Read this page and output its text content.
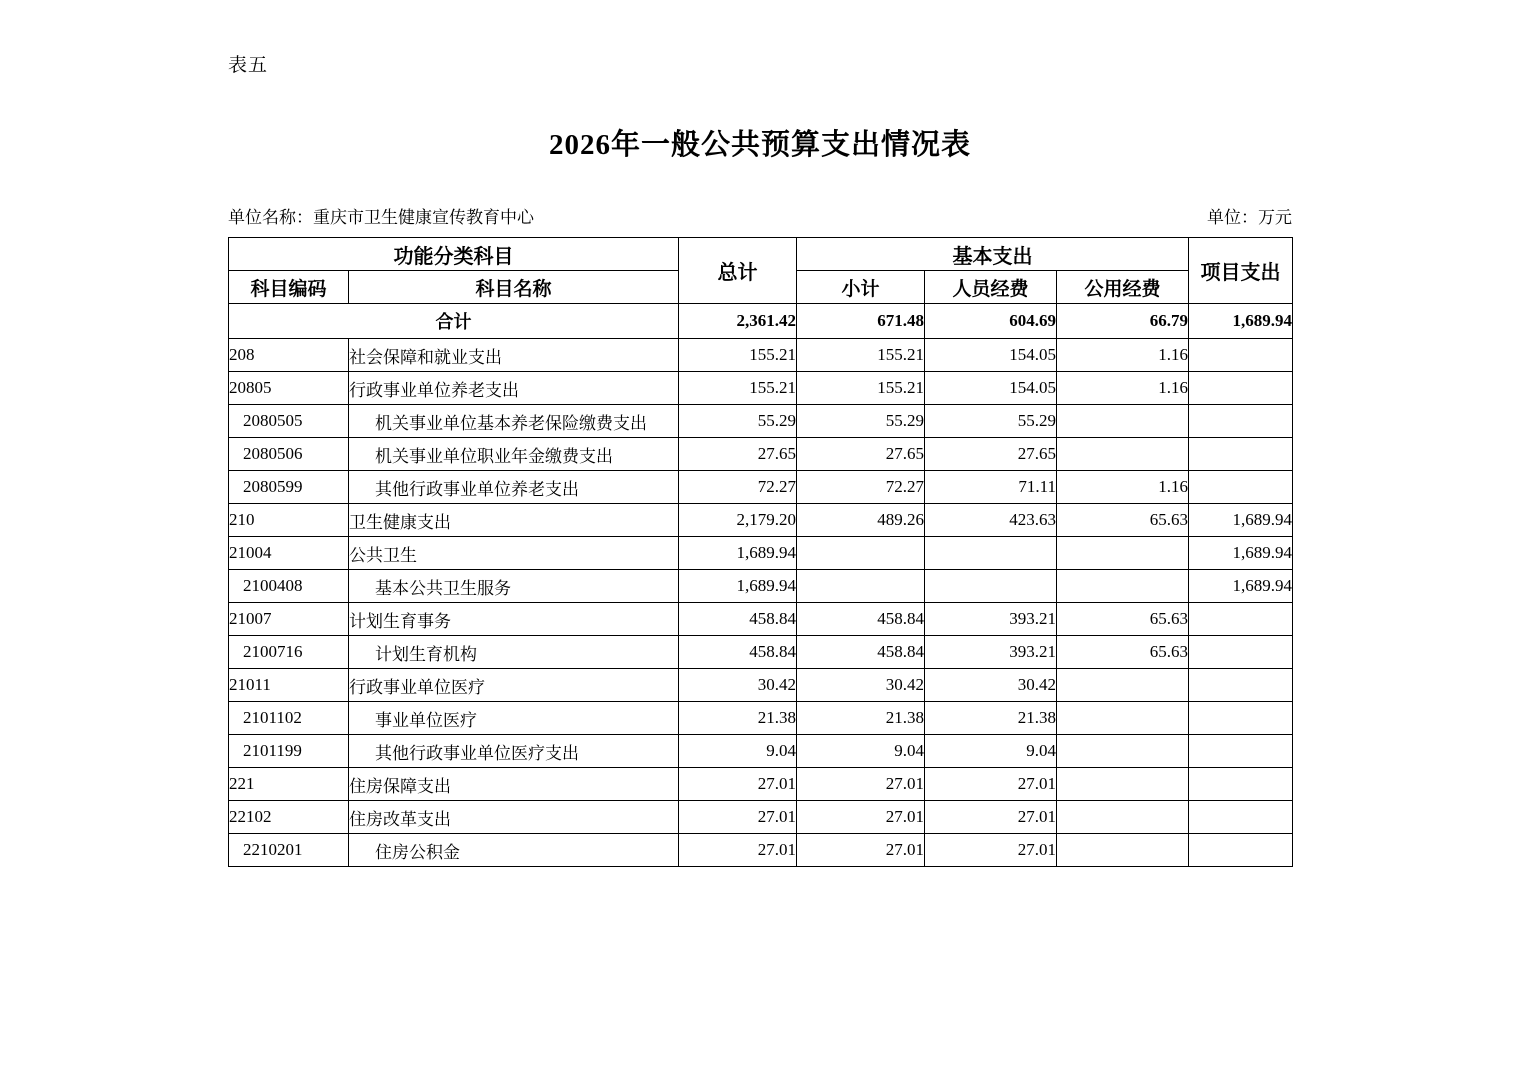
表五
2026年一般公共预算支出情况表
单位名称：重庆市卫生健康宣传教育中心	单位：万元
功能分类科目		总计	基本支出			项目支出
科目编码	科目名称		小计	人员经费	公用经费	
合计		2,361.42	671.48	604.69	66.79	1,689.94
208	社会保障和就业支出	155.21	155.21	154.05	1.16	
20805	行政事业单位养老支出	155.21	155.21	154.05	1.16	
2080505	机关事业单位基本养老保险缴费支出	55.29	55.29	55.29		
2080506	机关事业单位职业年金缴费支出	27.65	27.65	27.65		
2080599	其他行政事业单位养老支出	72.27	72.27	71.11	1.16	
210	卫生健康支出	2,179.20	489.26	423.63	65.63	1,689.94
21004	公共卫生	1,689.94				1,689.94
2100408	基本公共卫生服务	1,689.94				1,689.94
21007	计划生育事务	458.84	458.84	393.21	65.63	
2100716	计划生育机构	458.84	458.84	393.21	65.63	
21011	行政事业单位医疗	30.42	30.42	30.42		
2101102	事业单位医疗	21.38	21.38	21.38		
2101199	其他行政事业单位医疗支出	9.04	9.04	9.04		
221	住房保障支出	27.01	27.01	27.01		
22102	住房改革支出	27.01	27.01	27.01		
2210201	住房公积金	27.01	27.01	27.01		
